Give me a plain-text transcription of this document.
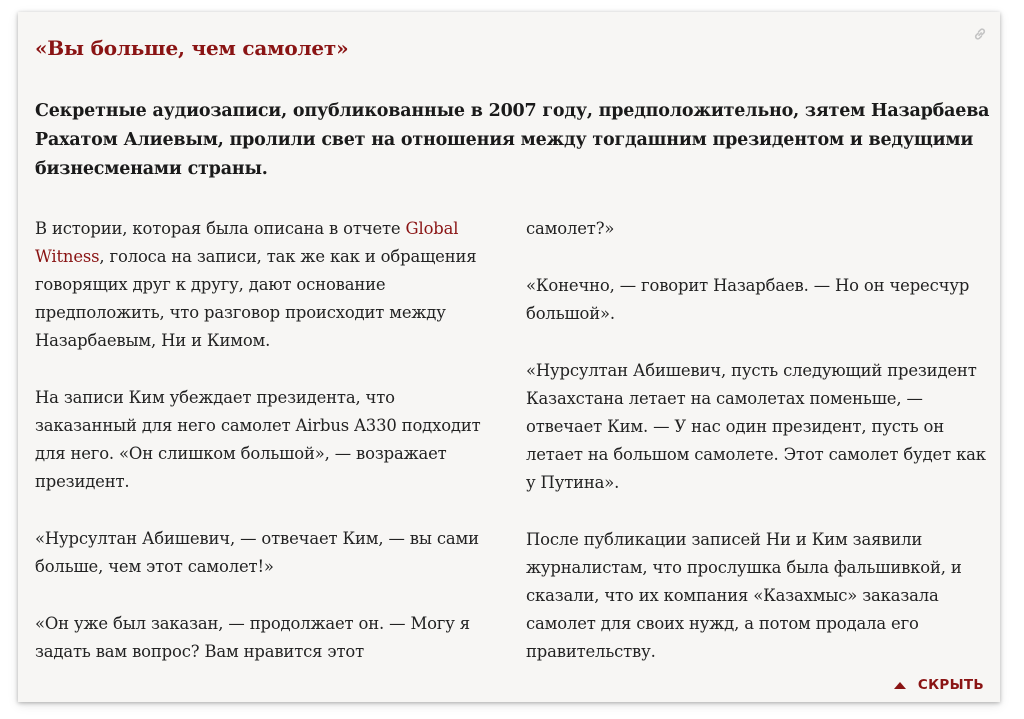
«Вы больше, чем самолет»

Секретные аудиозаписи, опубликованные в 2007 году, предположительно, зятем Назарбаева Рахатом Алиевым, пролили свет на отношения между тогдашним президентом и ведущими бизнесменами страны.

В истории, которая была описана в отчете Global Witness, голоса на записи, так же как и обращения говорящих друг к другу, дают основание предположить, что разговор происходит между Назарбаевым, Ни и Кимом.

На записи Ким убеждает президента, что заказанный для него самолет Airbus A330 подходит для него. «Он слишком большой», — возражает президент.

«Нурсултан Абишевич, — отвечает Ким, — вы сами больше, чем этот самолет!»

«Он уже был заказан, — продолжает он. — Могу я задать вам вопрос? Вам нравится этот

самолет?»

«Конечно, — говорит Назарбаев. — Но он чересчур большой».

«Нурсултан Абишевич, пусть следующий президент Казахстана летает на самолетах поменьше, — отвечает Ким. — У нас один президент, пусть он летает на большом самолете. Этот самолет будет как у Путина».

После публикации записей Ни и Ким заявили журналистам, что прослушка была фальшивкой, и сказали, что их компания «Казахмыс» заказала самолет для своих нужд, а потом продала его правительству.

СКРЫТЬ
